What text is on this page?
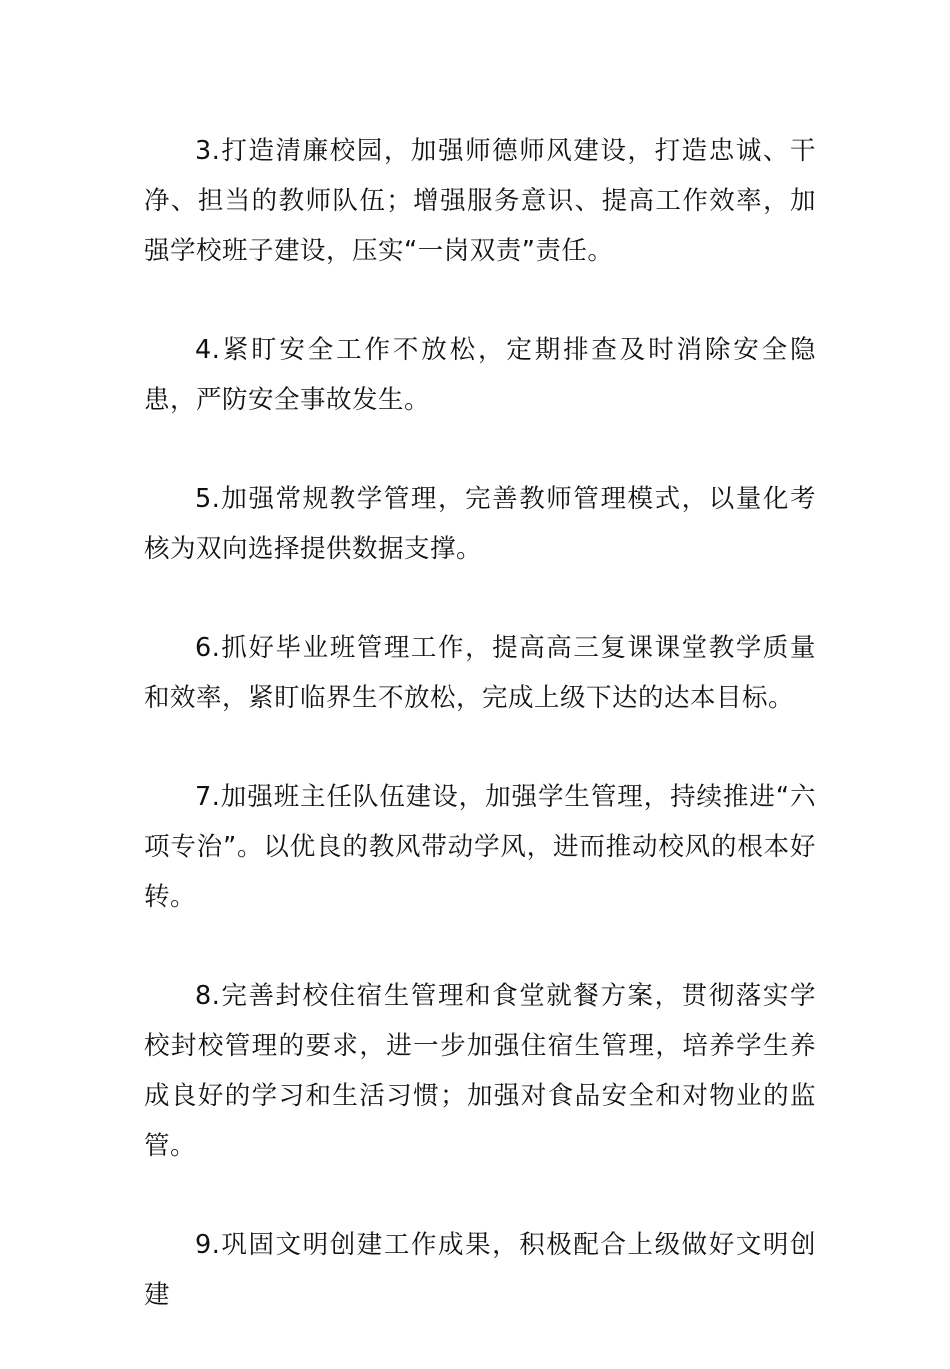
3.打造清廉校园，加强师德师风建设，打造忠诚、干净、担当的教师队伍；增强服务意识、提高工作效率，加强学校班子建设，压实“一岗双责”责任。

4.紧盯安全工作不放松，定期排查及时消除安全隐患，严防安全事故发生。

5.加强常规教学管理，完善教师管理模式，以量化考核为双向选择提供数据支撑。

6.抓好毕业班管理工作，提高高三复课课堂教学质量和效率，紧盯临界生不放松，完成上级下达的达本目标。

7.加强班主任队伍建设，加强学生管理，持续推进“六项专治”。以优良的教风带动学风，进而推动校风的根本好转。

8.完善封校住宿生管理和食堂就餐方案，贯彻落实学校封校管理的要求，进一步加强住宿生管理，培养学生养成良好的学习和生活习惯；加强对食品安全和对物业的监管。

9.巩固文明创建工作成果，积极配合上级做好文明创建
